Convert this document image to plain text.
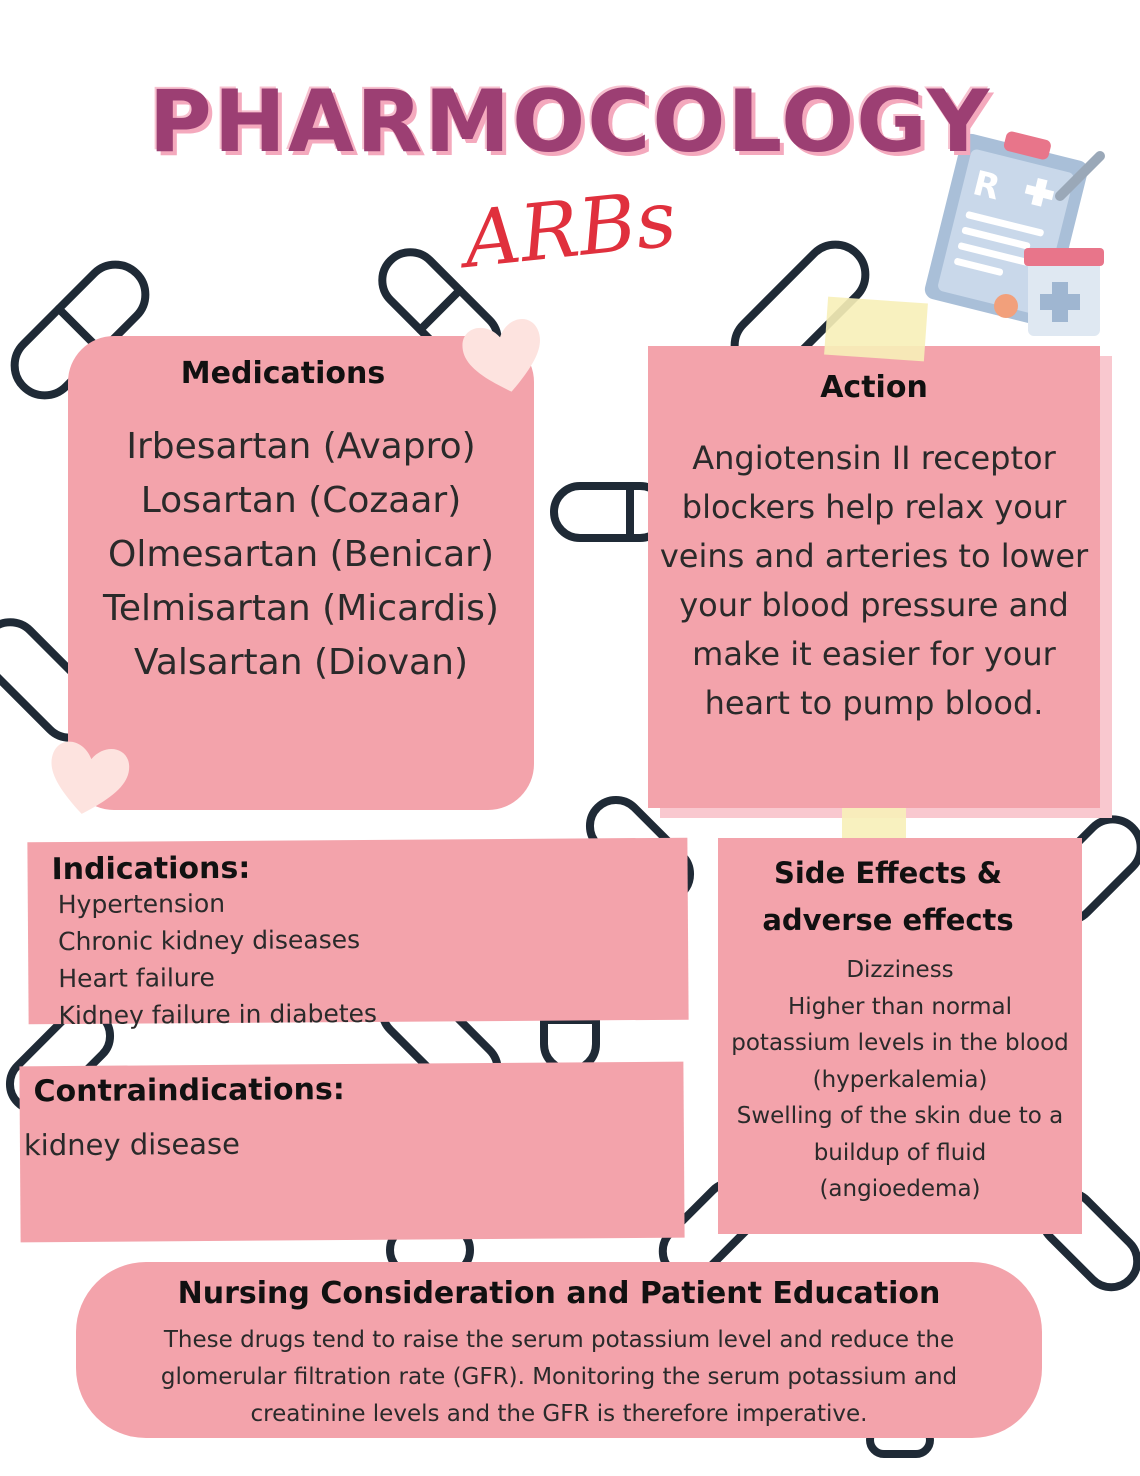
R
PHARMOCOLOGY
ARBs
Medications
Irbesartan (Avapro)
Losartan (Cozaar)
Olmesartan (Benicar)
Telmisartan (Micardis)
Valsartan (Diovan)
Action

Angiotensin II receptor blockers help relax your veins and arteries to lower your blood pressure and make it easier for your heart to pump blood.

Indications:
Hypertension
Chronic kidney diseases
Heart failure
Kidney failure in diabetes
Contraindications:

kidney disease

Side Effects &
adverse effects
Dizziness
Higher than normal
potassium levels in the blood
(hyperkalemia)
Swelling of the skin due to a
buildup of fluid
(angioedema)
Nursing Consideration and Patient Education

These drugs tend to raise the serum potassium level and reduce the glomerular filtration rate (GFR). Monitoring the serum potassium and creatinine levels and the GFR is therefore imperative.
